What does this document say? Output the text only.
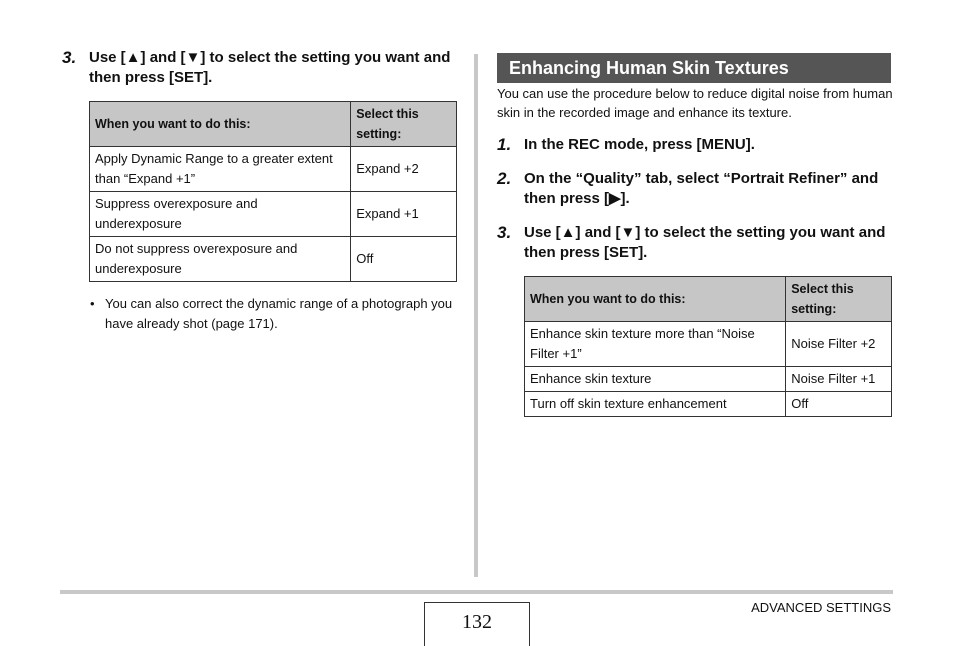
3. Use [▲] and [▼] to select the setting you want and then press [SET].
When you want to do this:	Select this setting:
Apply Dynamic Range to a greater extent than “Expand +1”	Expand +2
Suppress overexposure and underexposure	Expand +1
Do not suppress overexposure and underexposure	Off
• You can also correct the dynamic range of a photograph you have already shot (page 171).
Enhancing Human Skin Textures

You can use the procedure below to reduce digital noise from human skin in the recorded image and enhance its texture.

1. In the REC mode, press [MENU].
2. On the “Quality” tab, select “Portrait Refiner” and then press [▶].
3. Use [▲] and [▼] to select the setting you want and then press [SET].
When you want to do this:	Select this setting:
Enhance skin texture more than “Noise Filter +1”	Noise Filter +2
Enhance skin texture	Noise Filter +1
Turn off skin texture enhancement	Off
132
ADVANCED SETTINGS
